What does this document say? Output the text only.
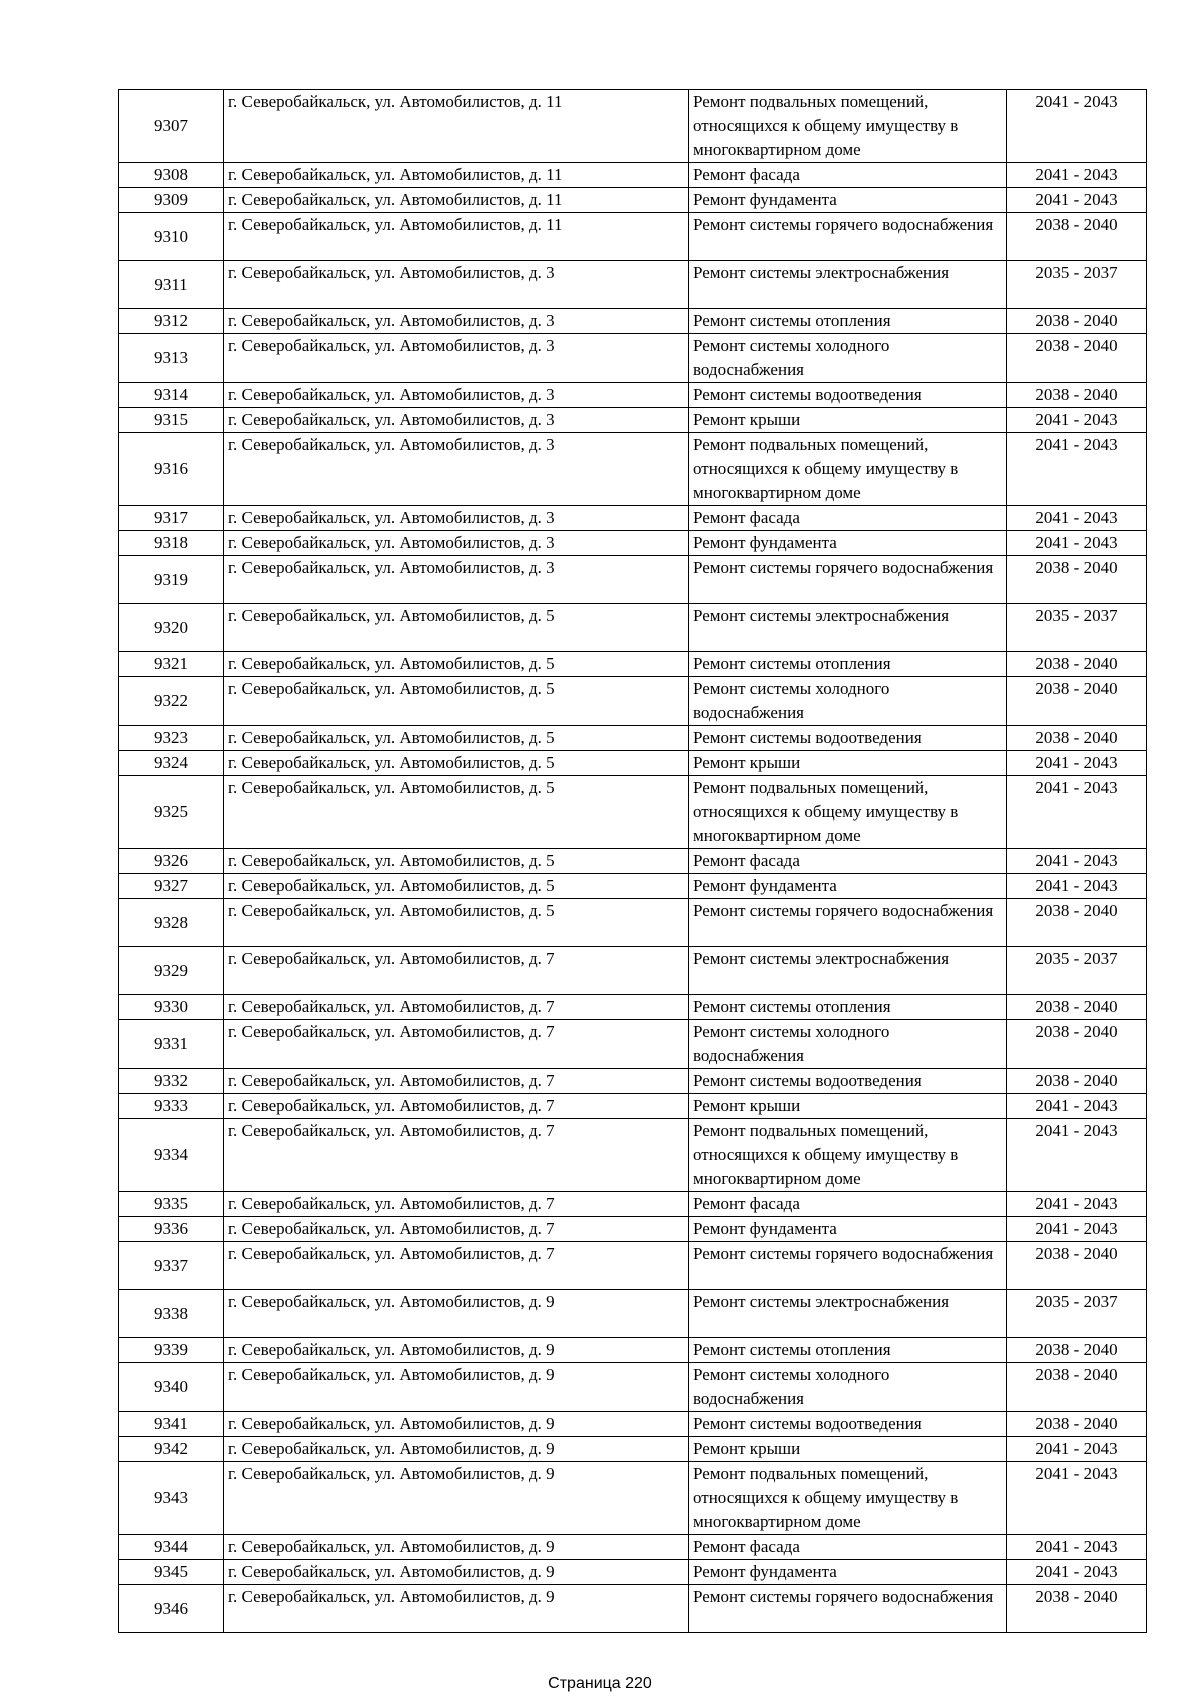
9307	г. Северобайкальск, ул. Автомобилистов, д. 11	Ремонт подвальных помещений, относящихся к общему имуществу в многоквартирном доме	2041 - 2043
9308	г. Северобайкальск, ул. Автомобилистов, д. 11	Ремонт фасада	2041 - 2043
9309	г. Северобайкальск, ул. Автомобилистов, д. 11	Ремонт фундамента	2041 - 2043
9310	г. Северобайкальск, ул. Автомобилистов, д. 11	Ремонт системы горячего водоснабжения	2038 - 2040
9311	г. Северобайкальск, ул. Автомобилистов, д. 3	Ремонт системы электроснабжения	2035 - 2037
9312	г. Северобайкальск, ул. Автомобилистов, д. 3	Ремонт системы отопления	2038 - 2040
9313	г. Северобайкальск, ул. Автомобилистов, д. 3	Ремонт системы холодного водоснабжения	2038 - 2040
9314	г. Северобайкальск, ул. Автомобилистов, д. 3	Ремонт системы водоотведения	2038 - 2040
9315	г. Северобайкальск, ул. Автомобилистов, д. 3	Ремонт крыши	2041 - 2043
9316	г. Северобайкальск, ул. Автомобилистов, д. 3	Ремонт подвальных помещений, относящихся к общему имуществу в многоквартирном доме	2041 - 2043
9317	г. Северобайкальск, ул. Автомобилистов, д. 3	Ремонт фасада	2041 - 2043
9318	г. Северобайкальск, ул. Автомобилистов, д. 3	Ремонт фундамента	2041 - 2043
9319	г. Северобайкальск, ул. Автомобилистов, д. 3	Ремонт системы горячего водоснабжения	2038 - 2040
9320	г. Северобайкальск, ул. Автомобилистов, д. 5	Ремонт системы электроснабжения	2035 - 2037
9321	г. Северобайкальск, ул. Автомобилистов, д. 5	Ремонт системы отопления	2038 - 2040
9322	г. Северобайкальск, ул. Автомобилистов, д. 5	Ремонт системы холодного водоснабжения	2038 - 2040
9323	г. Северобайкальск, ул. Автомобилистов, д. 5	Ремонт системы водоотведения	2038 - 2040
9324	г. Северобайкальск, ул. Автомобилистов, д. 5	Ремонт крыши	2041 - 2043
9325	г. Северобайкальск, ул. Автомобилистов, д. 5	Ремонт подвальных помещений, относящихся к общему имуществу в многоквартирном доме	2041 - 2043
9326	г. Северобайкальск, ул. Автомобилистов, д. 5	Ремонт фасада	2041 - 2043
9327	г. Северобайкальск, ул. Автомобилистов, д. 5	Ремонт фундамента	2041 - 2043
9328	г. Северобайкальск, ул. Автомобилистов, д. 5	Ремонт системы горячего водоснабжения	2038 - 2040
9329	г. Северобайкальск, ул. Автомобилистов, д. 7	Ремонт системы электроснабжения	2035 - 2037
9330	г. Северобайкальск, ул. Автомобилистов, д. 7	Ремонт системы отопления	2038 - 2040
9331	г. Северобайкальск, ул. Автомобилистов, д. 7	Ремонт системы холодного водоснабжения	2038 - 2040
9332	г. Северобайкальск, ул. Автомобилистов, д. 7	Ремонт системы водоотведения	2038 - 2040
9333	г. Северобайкальск, ул. Автомобилистов, д. 7	Ремонт крыши	2041 - 2043
9334	г. Северобайкальск, ул. Автомобилистов, д. 7	Ремонт подвальных помещений, относящихся к общему имуществу в многоквартирном доме	2041 - 2043
9335	г. Северобайкальск, ул. Автомобилистов, д. 7	Ремонт фасада	2041 - 2043
9336	г. Северобайкальск, ул. Автомобилистов, д. 7	Ремонт фундамента	2041 - 2043
9337	г. Северобайкальск, ул. Автомобилистов, д. 7	Ремонт системы горячего водоснабжения	2038 - 2040
9338	г. Северобайкальск, ул. Автомобилистов, д. 9	Ремонт системы электроснабжения	2035 - 2037
9339	г. Северобайкальск, ул. Автомобилистов, д. 9	Ремонт системы отопления	2038 - 2040
9340	г. Северобайкальск, ул. Автомобилистов, д. 9	Ремонт системы холодного водоснабжения	2038 - 2040
9341	г. Северобайкальск, ул. Автомобилистов, д. 9	Ремонт системы водоотведения	2038 - 2040
9342	г. Северобайкальск, ул. Автомобилистов, д. 9	Ремонт крыши	2041 - 2043
9343	г. Северобайкальск, ул. Автомобилистов, д. 9	Ремонт подвальных помещений, относящихся к общему имуществу в многоквартирном доме	2041 - 2043
9344	г. Северобайкальск, ул. Автомобилистов, д. 9	Ремонт фасада	2041 - 2043
9345	г. Северобайкальск, ул. Автомобилистов, д. 9	Ремонт фундамента	2041 - 2043
9346	г. Северобайкальск, ул. Автомобилистов, д. 9	Ремонт системы горячего водоснабжения	2038 - 2040
Страница 220
